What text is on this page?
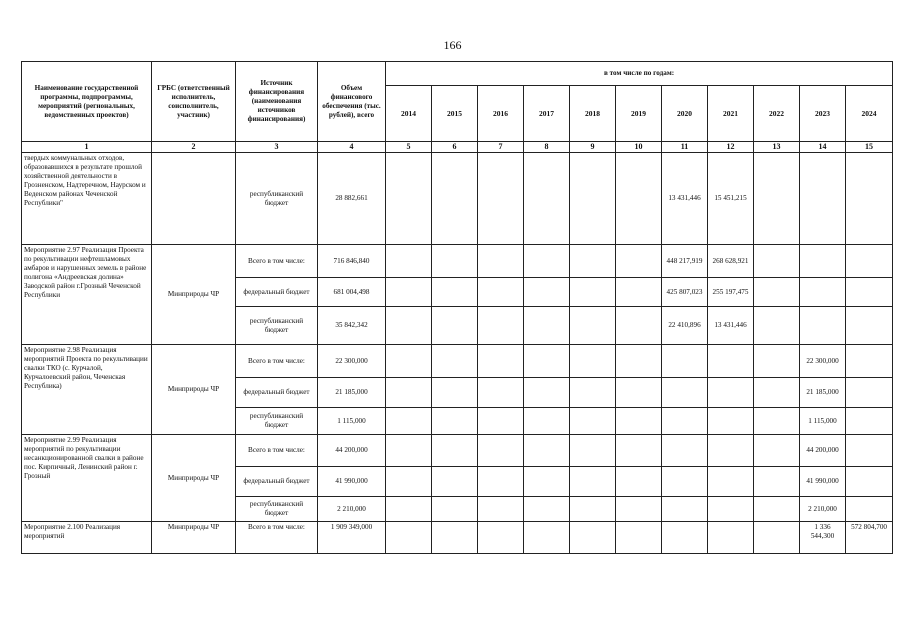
166
Наименование государственной программы, подпрограммы, мероприятий (региональных, ведомственных проектов)	ГРБС (ответственный исполнитель, соисполнитель, участник)	Источник финансирования (наименования источников финансирования)	Объем финансового обеспечения (тыс. рублей), всего	в том числе по годам:										
				2014	2015	2016	2017	2018	2019	2020	2021	2022	2023	2024
1	2	3	4	5	6	7	8	9	10	11	12	13	14	15
твердых коммунальных отходов, образовавшихся в результате прошлой хозяйственной деятельности в Грозненском, Надтеречном, Наурском и Веденском районах Чеченской Республики"		республиканский бюджет	28 882,661							13 431,446	15 451,215			
Мероприятие 2.97 Реализация Проекта по рекультивации нефтешламовых амбаров и нарушенных земель в районе полигона «Андреевская долина» Заводской район г.Грозный Чеченской Республики	Минприроды ЧР	Всего в том числе:	716 846,840							448 217,919	268 628,921			
		федеральный бюджет	681 004,498							425 807,023	255 197,475			
		республиканский бюджет	35 842,342							22 410,896	13 431,446			
Мероприятие 2.98 Реализация мероприятий Проекта по рекультивации свалки ТКО (с. Курчалой, Курчалоевский район, Чеченская Республика)	Минприроды ЧР	Всего в том числе:	22 300,000										22 300,000	
		федеральный бюджет	21 185,000										21 185,000	
		республиканский бюджет	1 115,000										1 115,000	
Мероприятие 2.99 Реализация мероприятий по рекультивации несанкционированной свалки в районе пос. Кирпичный, Ленинский район г. Грозный	Минприроды ЧР	Всего в том числе:	44 200,000										44 200,000	
		федеральный бюджет	41 990,000										41 990,000	
		республиканский бюджет	2 210,000										2 210,000	
Мероприятие 2.100 Реализация мероприятий	Минприроды ЧР	Всего в том числе:	1 909 349,000										1 336 544,300	572 804,700
